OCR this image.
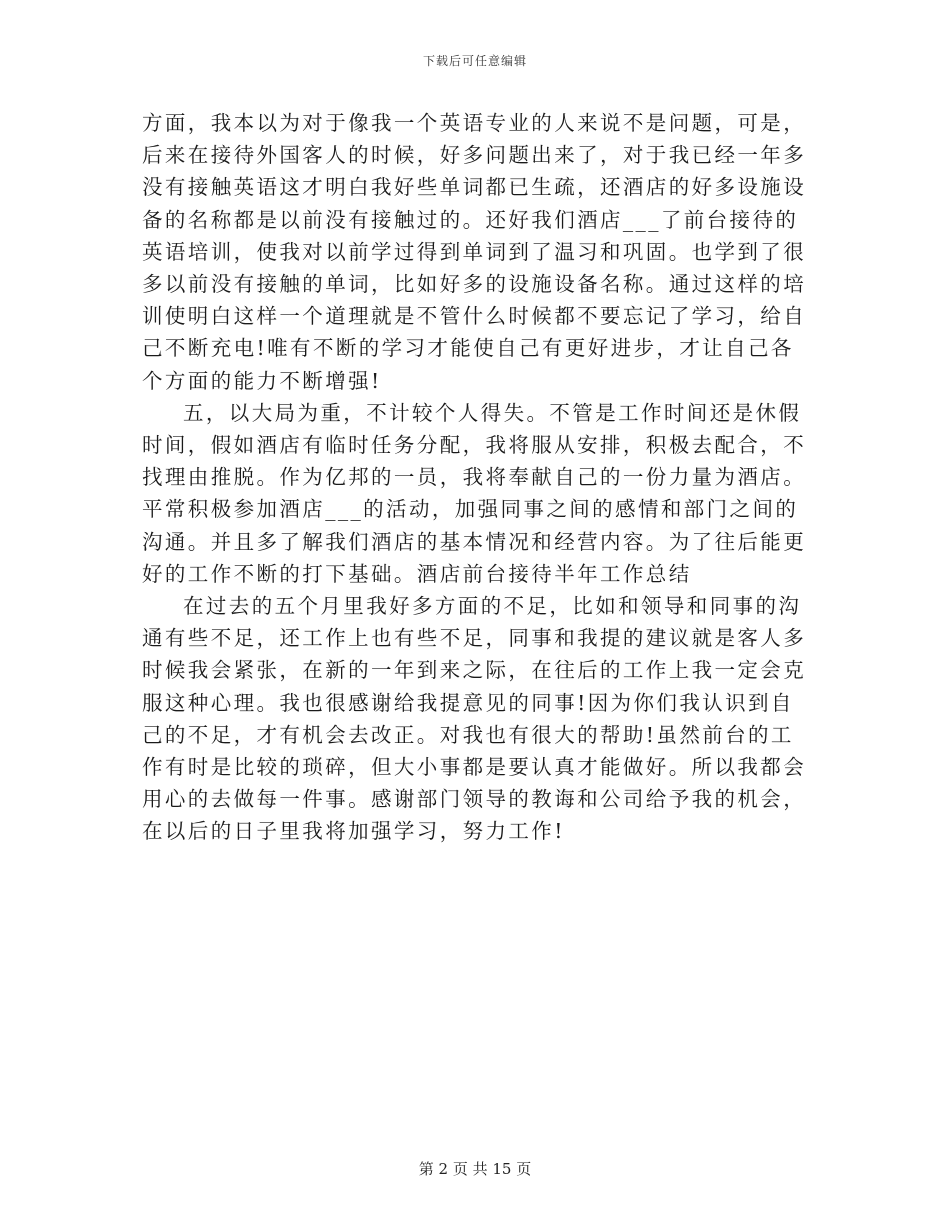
下载后可任意编辑

方面，我本以为对于像我一个英语专业的人来说不是问题，可是，后来在接待外国客人的时候，好多问题出来了，对于我已经一年多没有接触英语这才明白我好些单词都已生疏，还酒店的好多设施设备的名称都是以前没有接触过的。还好我们酒店___了前台接待的英语培训，使我对以前学过得到单词到了温习和巩固。也学到了很多以前没有接触的单词，比如好多的设施设备名称。通过这样的培训使明白这样一个道理就是不管什么时候都不要忘记了学习，给自己不断充电!唯有不断的学习才能使自己有更好进步，才让自己各个方面的能力不断增强!

五，以大局为重，不计较个人得失。不管是工作时间还是休假时间，假如酒店有临时任务分配，我将服从安排，积极去配合，不找理由推脱。作为亿邦的一员，我将奉献自己的一份力量为酒店。平常积极参加酒店___的活动，加强同事之间的感情和部门之间的沟通。并且多了解我们酒店的基本情况和经营内容。为了往后能更好的工作不断的打下基础。酒店前台接待半年工作总结

在过去的五个月里我好多方面的不足，比如和领导和同事的沟通有些不足，还工作上也有些不足，同事和我提的建议就是客人多时候我会紧张，在新的一年到来之际，在往后的工作上我一定会克服这种心理。我也很感谢给我提意见的同事!因为你们我认识到自己的不足，才有机会去改正。对我也有很大的帮助!虽然前台的工作有时是比较的琐碎，但大小事都是要认真才能做好。所以我都会用心的去做每一件事。感谢部门领导的教诲和公司给予我的机会，在以后的日子里我将加强学习，努力工作!

第 2 页 共 15 页
